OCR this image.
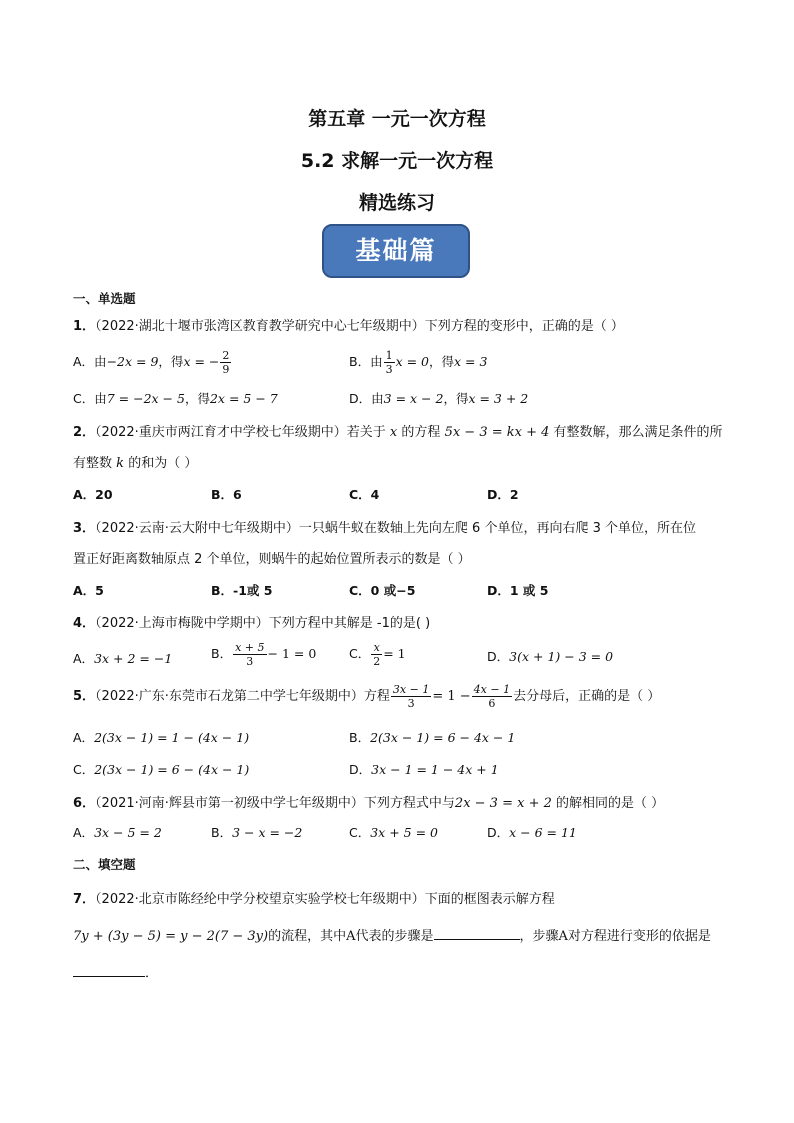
第五章 一元一次方程
5.2 求解一元一次方程
精选练习
基础篇
一、单选题
1．（2022·湖北十堰市张湾区教育教学研究中心七年级期中）下列方程的变形中，正确的是（ ）
A．由−2x = 9，得x = − $\frac{2}{9}$	B．由 $\frac{1}{3}$ x = 0，得x = 3
C．由7 = −2x − 5，得2x = 5 − 7	D．由3 = x − 2，得x = 3 + 2
2．（2022·重庆市两江育才中学校七年级期中）若关于 x 的方程 5x − 3 = kx + 4 有整数解，那么满足条件的所
有整数 k 的和为（ ）
A．20	B．6	C．4	D．2
3．（2022·云南·云大附中七年级期中）一只蜗牛蚁在数轴上先向左爬 6 个单位，再向右爬 3 个单位，所在位
置正好距离数轴原点 2 个单位，则蜗牛的起始位置所表示的数是（ ）
A．5	B．-1或 5	C．0 或−5	D．1 或 5
4．（2022·上海市梅陇中学期中）下列方程中其解是 -1的是( )
A．3x + 2 = −1	B． $\frac{x + 5}{3} - 1 = 0$	C． $\frac{x}{2} = 1$	D．3(x + 1) − 3 = 0
5．（2022·广东·东莞市石龙第二中学七年级期中）方程 $\frac{3x - 1}{3} = 1 - \frac{4x - 1}{6}$ 去分母后，正确的是（ ）
A．2(3x − 1) = 1 − (4x − 1)	B．2(3x − 1) = 6 − 4x − 1
C．2(3x − 1) = 6 − (4x − 1)	D．3x − 1 = 1 − 4x + 1
6．（2021·河南·辉县市第一初级中学七年级期中）下列方程式中与2x − 3 = x + 2 的解相同的是（ ）
A．3x − 5 = 2	B．3 − x = −2	C．3x + 5 = 0	D．x − 6 = 11
二、填空题
7．（2022·北京市陈经纶中学分校望京实验学校七年级期中）下面的框图表示解方程
7y + (3y − 5) = y − 2(7 − 3y)的流程，其中A代表的步骤是	，步骤A对方程进行变形的依据是
．
